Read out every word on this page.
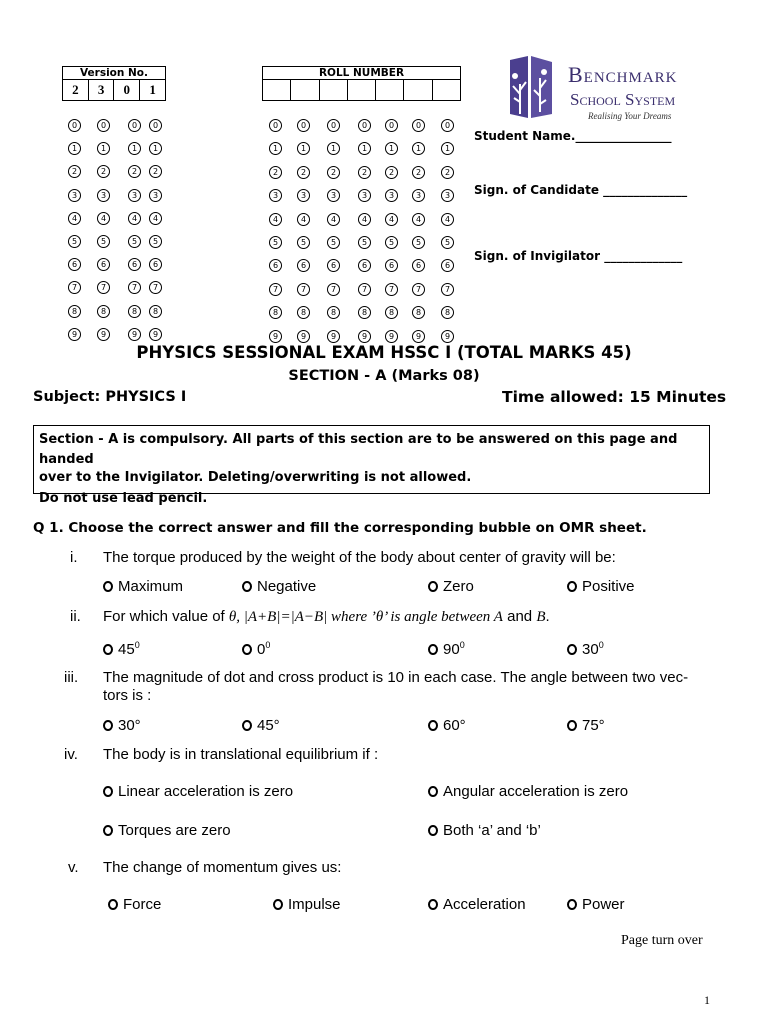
Version No.
2	3	0	1
ROLL NUMBER

0	0	0	0
1	1	1	1
2	2	2	2
3	3	3	3
4	4	4	4
5	5	5	5
6	6	6	6
7	7	7	7
8	8	8	8
9	9	9	9
0	0	0	0	0	0	0
1	1	1	1	1	1	1
2	2	2	2	2	2	2
3	3	3	3	3	3	3
4	4	4	4	4	4	4
5	5	5	5	5	5	5
6	6	6	6	6	6	6
7	7	7	7	7	7	7
8	8	8	8	8	8	8
9	9	9	9	9	9	9
Benchmark
School System
Realising Your Dreams
Student Name.________________
Sign. of Candidate ______________
Sign. of Invigilator _____________
PHYSICS SESSIONAL EXAM HSSC I (TOTAL MARKS 45)
SECTION - A (Marks 08)
Subject: PHYSICS I	Time allowed: 15 Minutes
Section - A is compulsory. All parts of this section are to be answered on this page and handed
over to the Invigilator. Deleting/overwriting is not allowed.
Do not use lead pencil.
Q 1. Choose the correct answer and fill the corresponding bubble on OMR sheet.
i. The torque produced by the weight of the body about center of gravity will be:
Maximum	Negative	Zero	Positive
ii. For which value of θ, |A+B|=|A−B| where ’θ’ is angle between A and B.
$45^0$	$0^0$	$90^0$	$30^0$
iii. The magnitude of dot and cross product is 10 in each case. The angle between two vec-
tors is :
30°	45°	60°	75°
iv. The body is in translational equilibrium if :
Linear acceleration is zero	Angular acceleration is zero
Torques are zero	Both ‘a’ and ‘b’
v. The change of momentum gives us:
Force	Impulse	Acceleration	Power
Page turn over
1
